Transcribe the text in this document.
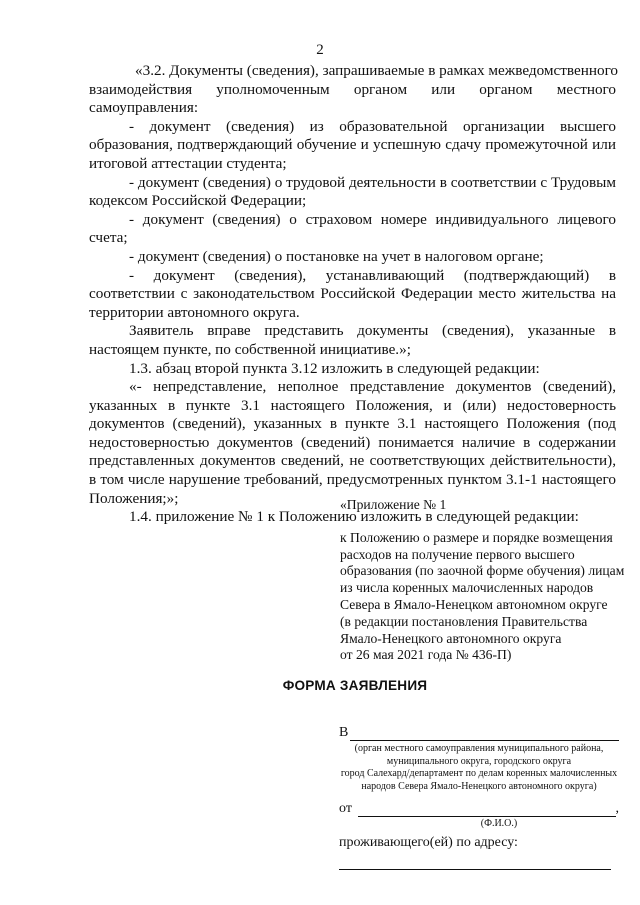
2
«3.2. Документы (сведения), запрашиваемые в рамках межведомственного
взаимодействия уполномоченным органом или органом местного
самоуправления:
- документ (сведения) из образовательной организации высшего
образования, подтверждающий обучение и успешную сдачу промежуточной или
итоговой аттестации студента;
- документ (сведения) о трудовой деятельности в соответствии с Трудовым
кодексом Российской Федерации;
- документ (сведения) о страховом номере индивидуального лицевого
счета;
- документ (сведения) о постановке на учет в налоговом органе;
- документ (сведения), устанавливающий (подтверждающий) в
соответствии с законодательством Российской Федерации место жительства на
территории автономного округа.
Заявитель вправе представить документы (сведения), указанные в
настоящем пункте, по собственной инициативе.»;
1.3. абзац второй пункта 3.12 изложить в следующей редакции:
«- непредставление, неполное представление документов (сведений),
указанных в пункте 3.1 настоящего Положения, и (или) недостоверность
документов (сведений), указанных в пункте 3.1 настоящего Положения (под
недостоверностью документов (сведений) понимается наличие в содержании
представленных документов сведений, не соответствующих действительности),
в том числе нарушение требований, предусмотренных пунктом 3.1-1 настоящего
Положения;»;
1.4. приложение № 1 к Положению изложить в следующей редакции:
«Приложение № 1
к Положению о размере и порядке возмещения
расходов на получение первого высшего
образования (по заочной форме обучения) лицам
из числа коренных малочисленных народов
Севера в Ямало-Ненецком автономном округе
(в редакции постановления Правительства
Ямало-Ненецкого автономного округа
от 26 мая 2021 года № 436-П)
ФОРМА ЗАЯВЛЕНИЯ
В
(орган местного самоуправления муниципального района,
муниципального округа, городского округа
город Салехард/департамент по делам коренных малочисленных
народов Севера Ямало-Ненецкого автономного округа)
от	,
(Ф.И.О.)
проживающего(ей) по адресу:
